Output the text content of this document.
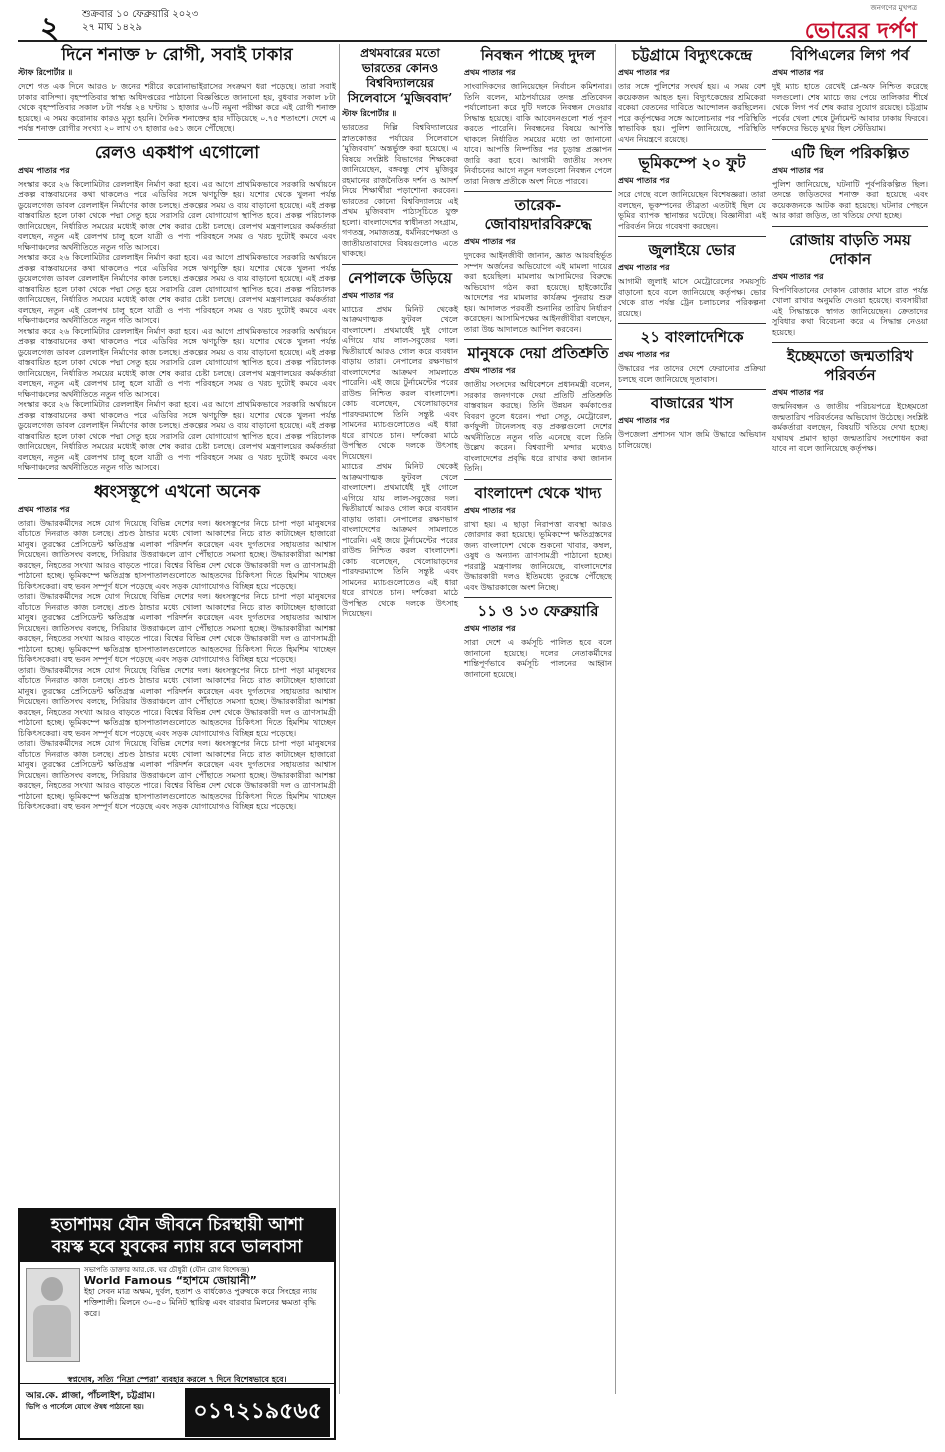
২ শুক্রবার ১০ ফেব্রুয়ারি ২০২৩
২৭ মাঘ ১৪২৯
জনগণের মুখপত্র
ভোরের দর্পণ
দিনে শনাক্ত ৮ রোগী, সবাই ঢাকার
স্টাফ রিপোর্টার ॥
দেশে গত এক দিনে আরও ৮ জনের শরীরে করোনাভাইরাসের সংক্রমণ ধরা পড়েছে। তারা সবাই ঢাকার বাসিন্দা। বৃহস্পতিবার স্বাস্থ্য অধিদপ্তরের পাঠানো বিজ্ঞপ্তিতে জানানো হয়, বুধবার সকাল ৮টা থেকে বৃহস্পতিবার সকাল ৮টা পর্যন্ত ২৪ ঘণ্টায় ১ হাজার ৬০টি নমুনা পরীক্ষা করে এই রোগী শনাক্ত হয়েছে। এ সময় করোনায় কারও মৃত্যু হয়নি। দৈনিক শনাক্তের হার দাঁড়িয়েছে ০.৭৫ শতাংশে। দেশে এ পর্যন্ত শনাক্ত রোগীর সংখ্যা ২০ লাখ ৩৭ হাজার ৬৫১ জনে পৌঁছেছে।
রেলও একধাপ এগোলো
প্রথম পাতার পর
সংস্কার করে ২৬ কিলোমিটার রেললাইন নির্মাণ করা হবে। এর আগে প্রাথমিকভাবে সরকারি অর্থায়নে প্রকল্প বাস্তবায়নের কথা থাকলেও পরে এডিবির সঙ্গে ঋণচুক্তি হয়। যশোর থেকে খুলনা পর্যন্ত ডুয়েলগেজ ডাবল রেললাইন নির্মাণের কাজ চলছে। প্রকল্পের সময় ও ব্যয় বাড়ানো হয়েছে। এই প্রকল্প বাস্তবায়িত হলে ঢাকা থেকে পদ্মা সেতু হয়ে সরাসরি রেল যোগাযোগ স্থাপিত হবে। প্রকল্প পরিচালক জানিয়েছেন, নির্ধারিত সময়ের মধ্যেই কাজ শেষ করার চেষ্টা চলছে। রেলপথ মন্ত্রণালয়ের কর্মকর্তারা বলছেন, নতুন এই রেলপথ চালু হলে যাত্রী ও পণ্য পরিবহনে সময় ও খরচ দুটোই কমবে এবং দক্ষিণাঞ্চলের অর্থনীতিতে নতুন গতি আসবে।
সংস্কার করে ২৬ কিলোমিটার রেললাইন নির্মাণ করা হবে। এর আগে প্রাথমিকভাবে সরকারি অর্থায়নে প্রকল্প বাস্তবায়নের কথা থাকলেও পরে এডিবির সঙ্গে ঋণচুক্তি হয়। যশোর থেকে খুলনা পর্যন্ত ডুয়েলগেজ ডাবল রেললাইন নির্মাণের কাজ চলছে। প্রকল্পের সময় ও ব্যয় বাড়ানো হয়েছে। এই প্রকল্প বাস্তবায়িত হলে ঢাকা থেকে পদ্মা সেতু হয়ে সরাসরি রেল যোগাযোগ স্থাপিত হবে। প্রকল্প পরিচালক জানিয়েছেন, নির্ধারিত সময়ের মধ্যেই কাজ শেষ করার চেষ্টা চলছে। রেলপথ মন্ত্রণালয়ের কর্মকর্তারা বলছেন, নতুন এই রেলপথ চালু হলে যাত্রী ও পণ্য পরিবহনে সময় ও খরচ দুটোই কমবে এবং দক্ষিণাঞ্চলের অর্থনীতিতে নতুন গতি আসবে।
সংস্কার করে ২৬ কিলোমিটার রেললাইন নির্মাণ করা হবে। এর আগে প্রাথমিকভাবে সরকারি অর্থায়নে প্রকল্প বাস্তবায়নের কথা থাকলেও পরে এডিবির সঙ্গে ঋণচুক্তি হয়। যশোর থেকে খুলনা পর্যন্ত ডুয়েলগেজ ডাবল রেললাইন নির্মাণের কাজ চলছে। প্রকল্পের সময় ও ব্যয় বাড়ানো হয়েছে। এই প্রকল্প বাস্তবায়িত হলে ঢাকা থেকে পদ্মা সেতু হয়ে সরাসরি রেল যোগাযোগ স্থাপিত হবে। প্রকল্প পরিচালক জানিয়েছেন, নির্ধারিত সময়ের মধ্যেই কাজ শেষ করার চেষ্টা চলছে। রেলপথ মন্ত্রণালয়ের কর্মকর্তারা বলছেন, নতুন এই রেলপথ চালু হলে যাত্রী ও পণ্য পরিবহনে সময় ও খরচ দুটোই কমবে এবং দক্ষিণাঞ্চলের অর্থনীতিতে নতুন গতি আসবে।
সংস্কার করে ২৬ কিলোমিটার রেললাইন নির্মাণ করা হবে। এর আগে প্রাথমিকভাবে সরকারি অর্থায়নে প্রকল্প বাস্তবায়নের কথা থাকলেও পরে এডিবির সঙ্গে ঋণচুক্তি হয়। যশোর থেকে খুলনা পর্যন্ত ডুয়েলগেজ ডাবল রেললাইন নির্মাণের কাজ চলছে। প্রকল্পের সময় ও ব্যয় বাড়ানো হয়েছে। এই প্রকল্প বাস্তবায়িত হলে ঢাকা থেকে পদ্মা সেতু হয়ে সরাসরি রেল যোগাযোগ স্থাপিত হবে। প্রকল্প পরিচালক জানিয়েছেন, নির্ধারিত সময়ের মধ্যেই কাজ শেষ করার চেষ্টা চলছে। রেলপথ মন্ত্রণালয়ের কর্মকর্তারা বলছেন, নতুন এই রেলপথ চালু হলে যাত্রী ও পণ্য পরিবহনে সময় ও খরচ দুটোই কমবে এবং দক্ষিণাঞ্চলের অর্থনীতিতে নতুন গতি আসবে।
ধ্বংসস্তূপে এখনো অনেক
প্রথম পাতার পর
তারা। উদ্ধারকর্মীদের সঙ্গে যোগ দিয়েছে বিভিন্ন দেশের দল। ধ্বংসস্তূপের নিচে চাপা পড়া মানুষদের বাঁচাতে দিনরাত কাজ চলছে। প্রচণ্ড ঠান্ডার মধ্যে খোলা আকাশের নিচে রাত কাটাচ্ছেন হাজারো মানুষ। তুরস্কের প্রেসিডেন্ট ক্ষতিগ্রস্ত এলাকা পরিদর্শন করেছেন এবং দুর্গতদের সহায়তার আশ্বাস দিয়েছেন। জাতিসংঘ বলছে, সিরিয়ার উত্তরাঞ্চলে ত্রাণ পৌঁছাতে সমস্যা হচ্ছে। উদ্ধারকারীরা আশঙ্কা করছেন, নিহতের সংখ্যা আরও বাড়তে পারে। বিশ্বের বিভিন্ন দেশ থেকে উদ্ধারকারী দল ও ত্রাণসামগ্রী পাঠানো হচ্ছে। ভূমিকম্পে ক্ষতিগ্রস্ত হাসপাতালগুলোতে আহতদের চিকিৎসা দিতে হিমশিম খাচ্ছেন চিকিৎসকেরা। বহু ভবন সম্পূর্ণ ধসে পড়েছে এবং সড়ক যোগাযোগও বিচ্ছিন্ন হয়ে পড়েছে।
তারা। উদ্ধারকর্মীদের সঙ্গে যোগ দিয়েছে বিভিন্ন দেশের দল। ধ্বংসস্তূপের নিচে চাপা পড়া মানুষদের বাঁচাতে দিনরাত কাজ চলছে। প্রচণ্ড ঠান্ডার মধ্যে খোলা আকাশের নিচে রাত কাটাচ্ছেন হাজারো মানুষ। তুরস্কের প্রেসিডেন্ট ক্ষতিগ্রস্ত এলাকা পরিদর্শন করেছেন এবং দুর্গতদের সহায়তার আশ্বাস দিয়েছেন। জাতিসংঘ বলছে, সিরিয়ার উত্তরাঞ্চলে ত্রাণ পৌঁছাতে সমস্যা হচ্ছে। উদ্ধারকারীরা আশঙ্কা করছেন, নিহতের সংখ্যা আরও বাড়তে পারে। বিশ্বের বিভিন্ন দেশ থেকে উদ্ধারকারী দল ও ত্রাণসামগ্রী পাঠানো হচ্ছে। ভূমিকম্পে ক্ষতিগ্রস্ত হাসপাতালগুলোতে আহতদের চিকিৎসা দিতে হিমশিম খাচ্ছেন চিকিৎসকেরা। বহু ভবন সম্পূর্ণ ধসে পড়েছে এবং সড়ক যোগাযোগও বিচ্ছিন্ন হয়ে পড়েছে।
তারা। উদ্ধারকর্মীদের সঙ্গে যোগ দিয়েছে বিভিন্ন দেশের দল। ধ্বংসস্তূপের নিচে চাপা পড়া মানুষদের বাঁচাতে দিনরাত কাজ চলছে। প্রচণ্ড ঠান্ডার মধ্যে খোলা আকাশের নিচে রাত কাটাচ্ছেন হাজারো মানুষ। তুরস্কের প্রেসিডেন্ট ক্ষতিগ্রস্ত এলাকা পরিদর্শন করেছেন এবং দুর্গতদের সহায়তার আশ্বাস দিয়েছেন। জাতিসংঘ বলছে, সিরিয়ার উত্তরাঞ্চলে ত্রাণ পৌঁছাতে সমস্যা হচ্ছে। উদ্ধারকারীরা আশঙ্কা করছেন, নিহতের সংখ্যা আরও বাড়তে পারে। বিশ্বের বিভিন্ন দেশ থেকে উদ্ধারকারী দল ও ত্রাণসামগ্রী পাঠানো হচ্ছে। ভূমিকম্পে ক্ষতিগ্রস্ত হাসপাতালগুলোতে আহতদের চিকিৎসা দিতে হিমশিম খাচ্ছেন চিকিৎসকেরা। বহু ভবন সম্পূর্ণ ধসে পড়েছে এবং সড়ক যোগাযোগও বিচ্ছিন্ন হয়ে পড়েছে।
তারা। উদ্ধারকর্মীদের সঙ্গে যোগ দিয়েছে বিভিন্ন দেশের দল। ধ্বংসস্তূপের নিচে চাপা পড়া মানুষদের বাঁচাতে দিনরাত কাজ চলছে। প্রচণ্ড ঠান্ডার মধ্যে খোলা আকাশের নিচে রাত কাটাচ্ছেন হাজারো মানুষ। তুরস্কের প্রেসিডেন্ট ক্ষতিগ্রস্ত এলাকা পরিদর্শন করেছেন এবং দুর্গতদের সহায়তার আশ্বাস দিয়েছেন। জাতিসংঘ বলছে, সিরিয়ার উত্তরাঞ্চলে ত্রাণ পৌঁছাতে সমস্যা হচ্ছে। উদ্ধারকারীরা আশঙ্কা করছেন, নিহতের সংখ্যা আরও বাড়তে পারে। বিশ্বের বিভিন্ন দেশ থেকে উদ্ধারকারী দল ও ত্রাণসামগ্রী পাঠানো হচ্ছে। ভূমিকম্পে ক্ষতিগ্রস্ত হাসপাতালগুলোতে আহতদের চিকিৎসা দিতে হিমশিম খাচ্ছেন চিকিৎসকেরা। বহু ভবন সম্পূর্ণ ধসে পড়েছে এবং সড়ক যোগাযোগও বিচ্ছিন্ন হয়ে পড়েছে।
প্রথমবারের মতো ভারতের কোনও বিশ্ববিদ্যালয়ের সিলেবাসে ‘মুজিববাদ’
স্টাফ রিপোর্টার ॥
ভারতের দিল্লি বিশ্ববিদ্যালয়ের স্নাতকোত্তর পর্যায়ের সিলেবাসে ‘মুজিববাদ’ অন্তর্ভুক্ত করা হয়েছে। এ বিষয়ে সংশ্লিষ্ট বিভাগের শিক্ষকেরা জানিয়েছেন, বঙ্গবন্ধু শেখ মুজিবুর রহমানের রাজনৈতিক দর্শন ও আদর্শ নিয়ে শিক্ষার্থীরা পড়াশোনা করবেন। ভারতের কোনো বিশ্ববিদ্যালয়ে এই প্রথম মুজিববাদ পাঠ্যসূচিতে যুক্ত হলো। বাংলাদেশের স্বাধীনতা সংগ্রাম, গণতন্ত্র, সমাজতন্ত্র, ধর্মনিরপেক্ষতা ও জাতীয়তাবাদের বিষয়গুলোও এতে থাকছে।
নেপালকে উড়িয়ে
প্রথম পাতার পর
ম্যাচের প্রথম মিনিট থেকেই আক্রমণাত্মক ফুটবল খেলে বাংলাদেশ। প্রথমার্ধেই দুই গোলে এগিয়ে যায় লাল-সবুজের দল। দ্বিতীয়ার্ধে আরও গোল করে ব্যবধান বাড়ায় তারা। নেপালের রক্ষণভাগ বাংলাদেশের আক্রমণ সামলাতে পারেনি। এই জয়ে টুর্নামেন্টের পরের রাউন্ড নিশ্চিত করল বাংলাদেশ। কোচ বলেছেন, খেলোয়াড়দের পারফরম্যান্সে তিনি সন্তুষ্ট এবং সামনের ম্যাচগুলোতেও এই ধারা ধরে রাখতে চান। দর্শকেরা মাঠে উপস্থিত থেকে দলকে উৎসাহ দিয়েছেন।
ম্যাচের প্রথম মিনিট থেকেই আক্রমণাত্মক ফুটবল খেলে বাংলাদেশ। প্রথমার্ধেই দুই গোলে এগিয়ে যায় লাল-সবুজের দল। দ্বিতীয়ার্ধে আরও গোল করে ব্যবধান বাড়ায় তারা। নেপালের রক্ষণভাগ বাংলাদেশের আক্রমণ সামলাতে পারেনি। এই জয়ে টুর্নামেন্টের পরের রাউন্ড নিশ্চিত করল বাংলাদেশ। কোচ বলেছেন, খেলোয়াড়দের পারফরম্যান্সে তিনি সন্তুষ্ট এবং সামনের ম্যাচগুলোতেও এই ধারা ধরে রাখতে চান। দর্শকেরা মাঠে উপস্থিত থেকে দলকে উৎসাহ দিয়েছেন।
নিবন্ধন পাচ্ছে দুদল
প্রথম পাতার পর
সাংবাদিকদের জানিয়েছেন নির্বাচন কমিশনার। তিনি বলেন, মাঠপর্যায়ের তদন্ত প্রতিবেদন পর্যালোচনা করে দুটি দলকে নিবন্ধন দেওয়ার সিদ্ধান্ত হয়েছে। বাকি আবেদনগুলো শর্ত পূরণ করতে পারেনি। নিবন্ধনের বিষয়ে আপত্তি থাকলে নির্ধারিত সময়ের মধ্যে তা জানানো যাবে। আপত্তি নিষ্পত্তির পর চূড়ান্ত প্রজ্ঞাপন জারি করা হবে। আগামী জাতীয় সংসদ নির্বাচনের আগে নতুন দলগুলো নিবন্ধন পেলে তারা নিজস্ব প্রতীকে অংশ নিতে পারবে।
তারেক-জোবায়দারবিরুদ্ধে
প্রথম পাতার পর
দুদকের আইনজীবী জানান, জ্ঞাত আয়বহির্ভূত সম্পদ অর্জনের অভিযোগে এই মামলা দায়ের করা হয়েছিল। মামলায় আসামিদের বিরুদ্ধে অভিযোগ গঠন করা হয়েছে। হাইকোর্টের আদেশের পর মামলার কার্যক্রম পুনরায় শুরু হয়। আদালত পরবর্তী শুনানির তারিখ নির্ধারণ করেছেন। আসামিপক্ষের আইনজীবীরা বলছেন, তারা উচ্চ আদালতে আপিল করবেন।
মানুষকে দেয়া প্রতিশ্রুতি
প্রথম পাতার পর
জাতীয় সংসদের অধিবেশনে প্রধানমন্ত্রী বলেন, সরকার জনগণকে দেয়া প্রতিটি প্রতিশ্রুতি বাস্তবায়ন করছে। তিনি উন্নয়ন কর্মকাণ্ডের বিবরণ তুলে ধরেন। পদ্মা সেতু, মেট্রোরেল, কর্ণফুলী টানেলসহ বড় প্রকল্পগুলো দেশের অর্থনীতিতে নতুন গতি এনেছে বলে তিনি উল্লেখ করেন। বিশ্বব্যাপী মন্দার মধ্যেও বাংলাদেশের প্রবৃদ্ধি ধরে রাখার কথা জানান তিনি।
বাংলাদেশ থেকে খাদ্য
প্রথম পাতার পর
রাখা হয়। এ ছাড়া নিরাপত্তা ব্যবস্থা আরও জোরদার করা হয়েছে। ভূমিকম্পে ক্ষতিগ্রস্তদের জন্য বাংলাদেশ থেকে শুকনো খাবার, কম্বল, ওষুধ ও অন্যান্য ত্রাণসামগ্রী পাঠানো হচ্ছে। পররাষ্ট্র মন্ত্রণালয় জানিয়েছে, বাংলাদেশের উদ্ধারকারী দলও ইতিমধ্যে তুরস্কে পৌঁছেছে এবং উদ্ধারকাজে অংশ নিচ্ছে।
১১ ও ১৩ ফেব্রুয়ারি
প্রথম পাতার পর
সারা দেশে এ কর্মসূচি পালিত হবে বলে জানানো হয়েছে। দলের নেতাকর্মীদের শান্তিপূর্ণভাবে কর্মসূচি পালনের আহ্বান জানানো হয়েছে।
চট্টগ্রামে বিদ্যুৎকেন্দ্রে
প্রথম পাতার পর
তার সঙ্গে পুলিশের সংঘর্ষ হয়। এ সময় বেশ কয়েকজন আহত হন। বিদ্যুৎকেন্দ্রের শ্রমিকেরা বকেয়া বেতনের দাবিতে আন্দোলন করছিলেন। পরে কর্তৃপক্ষের সঙ্গে আলোচনার পর পরিস্থিতি স্বাভাবিক হয়। পুলিশ জানিয়েছে, পরিস্থিতি এখন নিয়ন্ত্রণে রয়েছে।
ভূমিকম্পে ২০ ফুট
প্রথম পাতার পর
সরে গেছে বলে জানিয়েছেন বিশেষজ্ঞরা। তারা বলছেন, ভূকম্পনের তীব্রতা এতটাই ছিল যে ভূমির ব্যাপক স্থানান্তর ঘটেছে। বিজ্ঞানীরা এই পরিবর্তন নিয়ে গবেষণা করছেন।
জুলাইয়ে ভোর
প্রথম পাতার পর
আগামী জুলাই মাসে মেট্রোরেলের সময়সূচি বাড়ানো হবে বলে জানিয়েছে কর্তৃপক্ষ। ভোর থেকে রাত পর্যন্ত ট্রেন চলাচলের পরিকল্পনা রয়েছে।
২১ বাংলাদেশিকে
প্রথম পাতার পর
উদ্ধারের পর তাদের দেশে ফেরানোর প্রক্রিয়া চলছে বলে জানিয়েছে দূতাবাস।
বাজারের খাস
প্রথম পাতার পর
উপজেলা প্রশাসন খাস জমি উদ্ধারে অভিযান চালিয়েছে।
বিপিএলের লিগ পর্ব
প্রথম পাতার পর
দুই ম্যাচ হাতে রেখেই প্লে-অফ নিশ্চিত করেছে দলগুলো। শেষ ম্যাচে জয় পেয়ে তালিকার শীর্ষে থেকে লিগ পর্ব শেষ করার সুযোগ রয়েছে। চট্টগ্রাম পর্বের খেলা শেষে টুর্নামেন্ট আবার ঢাকায় ফিরবে। দর্শকদের ভিড়ে মুখর ছিল স্টেডিয়াম।
এটি ছিল পরিকল্পিত
প্রথম পাতার পর
পুলিশ জানিয়েছে, ঘটনাটি পূর্বপরিকল্পিত ছিল। তদন্তে জড়িতদের শনাক্ত করা হয়েছে এবং কয়েকজনকে আটক করা হয়েছে। ঘটনার পেছনে আর কারা জড়িত, তা খতিয়ে দেখা হচ্ছে।
রোজায় বাড়তি সময় দোকান
প্রথম পাতার পর
বিপণিবিতানের দোকান রোজার মাসে রাত পর্যন্ত খোলা রাখার অনুমতি দেওয়া হয়েছে। ব্যবসায়ীরা এই সিদ্ধান্তকে স্বাগত জানিয়েছেন। ক্রেতাদের সুবিধার কথা বিবেচনা করে এ সিদ্ধান্ত নেওয়া হয়েছে।
ইচ্ছেমতো জন্মতারিখ পরিবর্তন
প্রথম পাতার পর
জন্মনিবন্ধন ও জাতীয় পরিচয়পত্রে ইচ্ছেমতো জন্মতারিখ পরিবর্তনের অভিযোগ উঠেছে। সংশ্লিষ্ট কর্মকর্তারা বলছেন, বিষয়টি খতিয়ে দেখা হচ্ছে। যথাযথ প্রমাণ ছাড়া জন্মতারিখ সংশোধন করা যাবে না বলে জানিয়েছে কর্তৃপক্ষ।
হতাশাময় যৌন জীবনে চিরস্থায়ী আশা
বয়স্ক হবে যুবকের ন্যায় রবে ভালবাসা
সভাপতি ডাক্তার আর.কে. ঘর চৌধুরী (যৌন রোগ বিশেষজ্ঞ)
World Famous “হাশমে জোয়ানী”
ইহা সেবন মাত্র অক্ষম, দুর্বল, হতাশ ও বার্ধক্যেও পুরুষকে করে সিংহের ন্যায় শক্তিশালী। মিলনে ৩০-৫০ মিনিট স্থায়িত্ব এবং বারবার মিলনের ক্ষমতা বৃদ্ধি করে।
স্বপ্নদোষ, সত্যি ‘নিদ্রা স্পেরা’ ব্যবহার করলে ৭ দিনে বিশেষভাবে হবে।
আর.কে. প্লাজা, পাঁচলাইশ, চট্টগ্রাম।
ভিপি ও পার্সেলে যোগে ঔষধ পাঠানো হয়।	০১৭২১৯৫৬৫
